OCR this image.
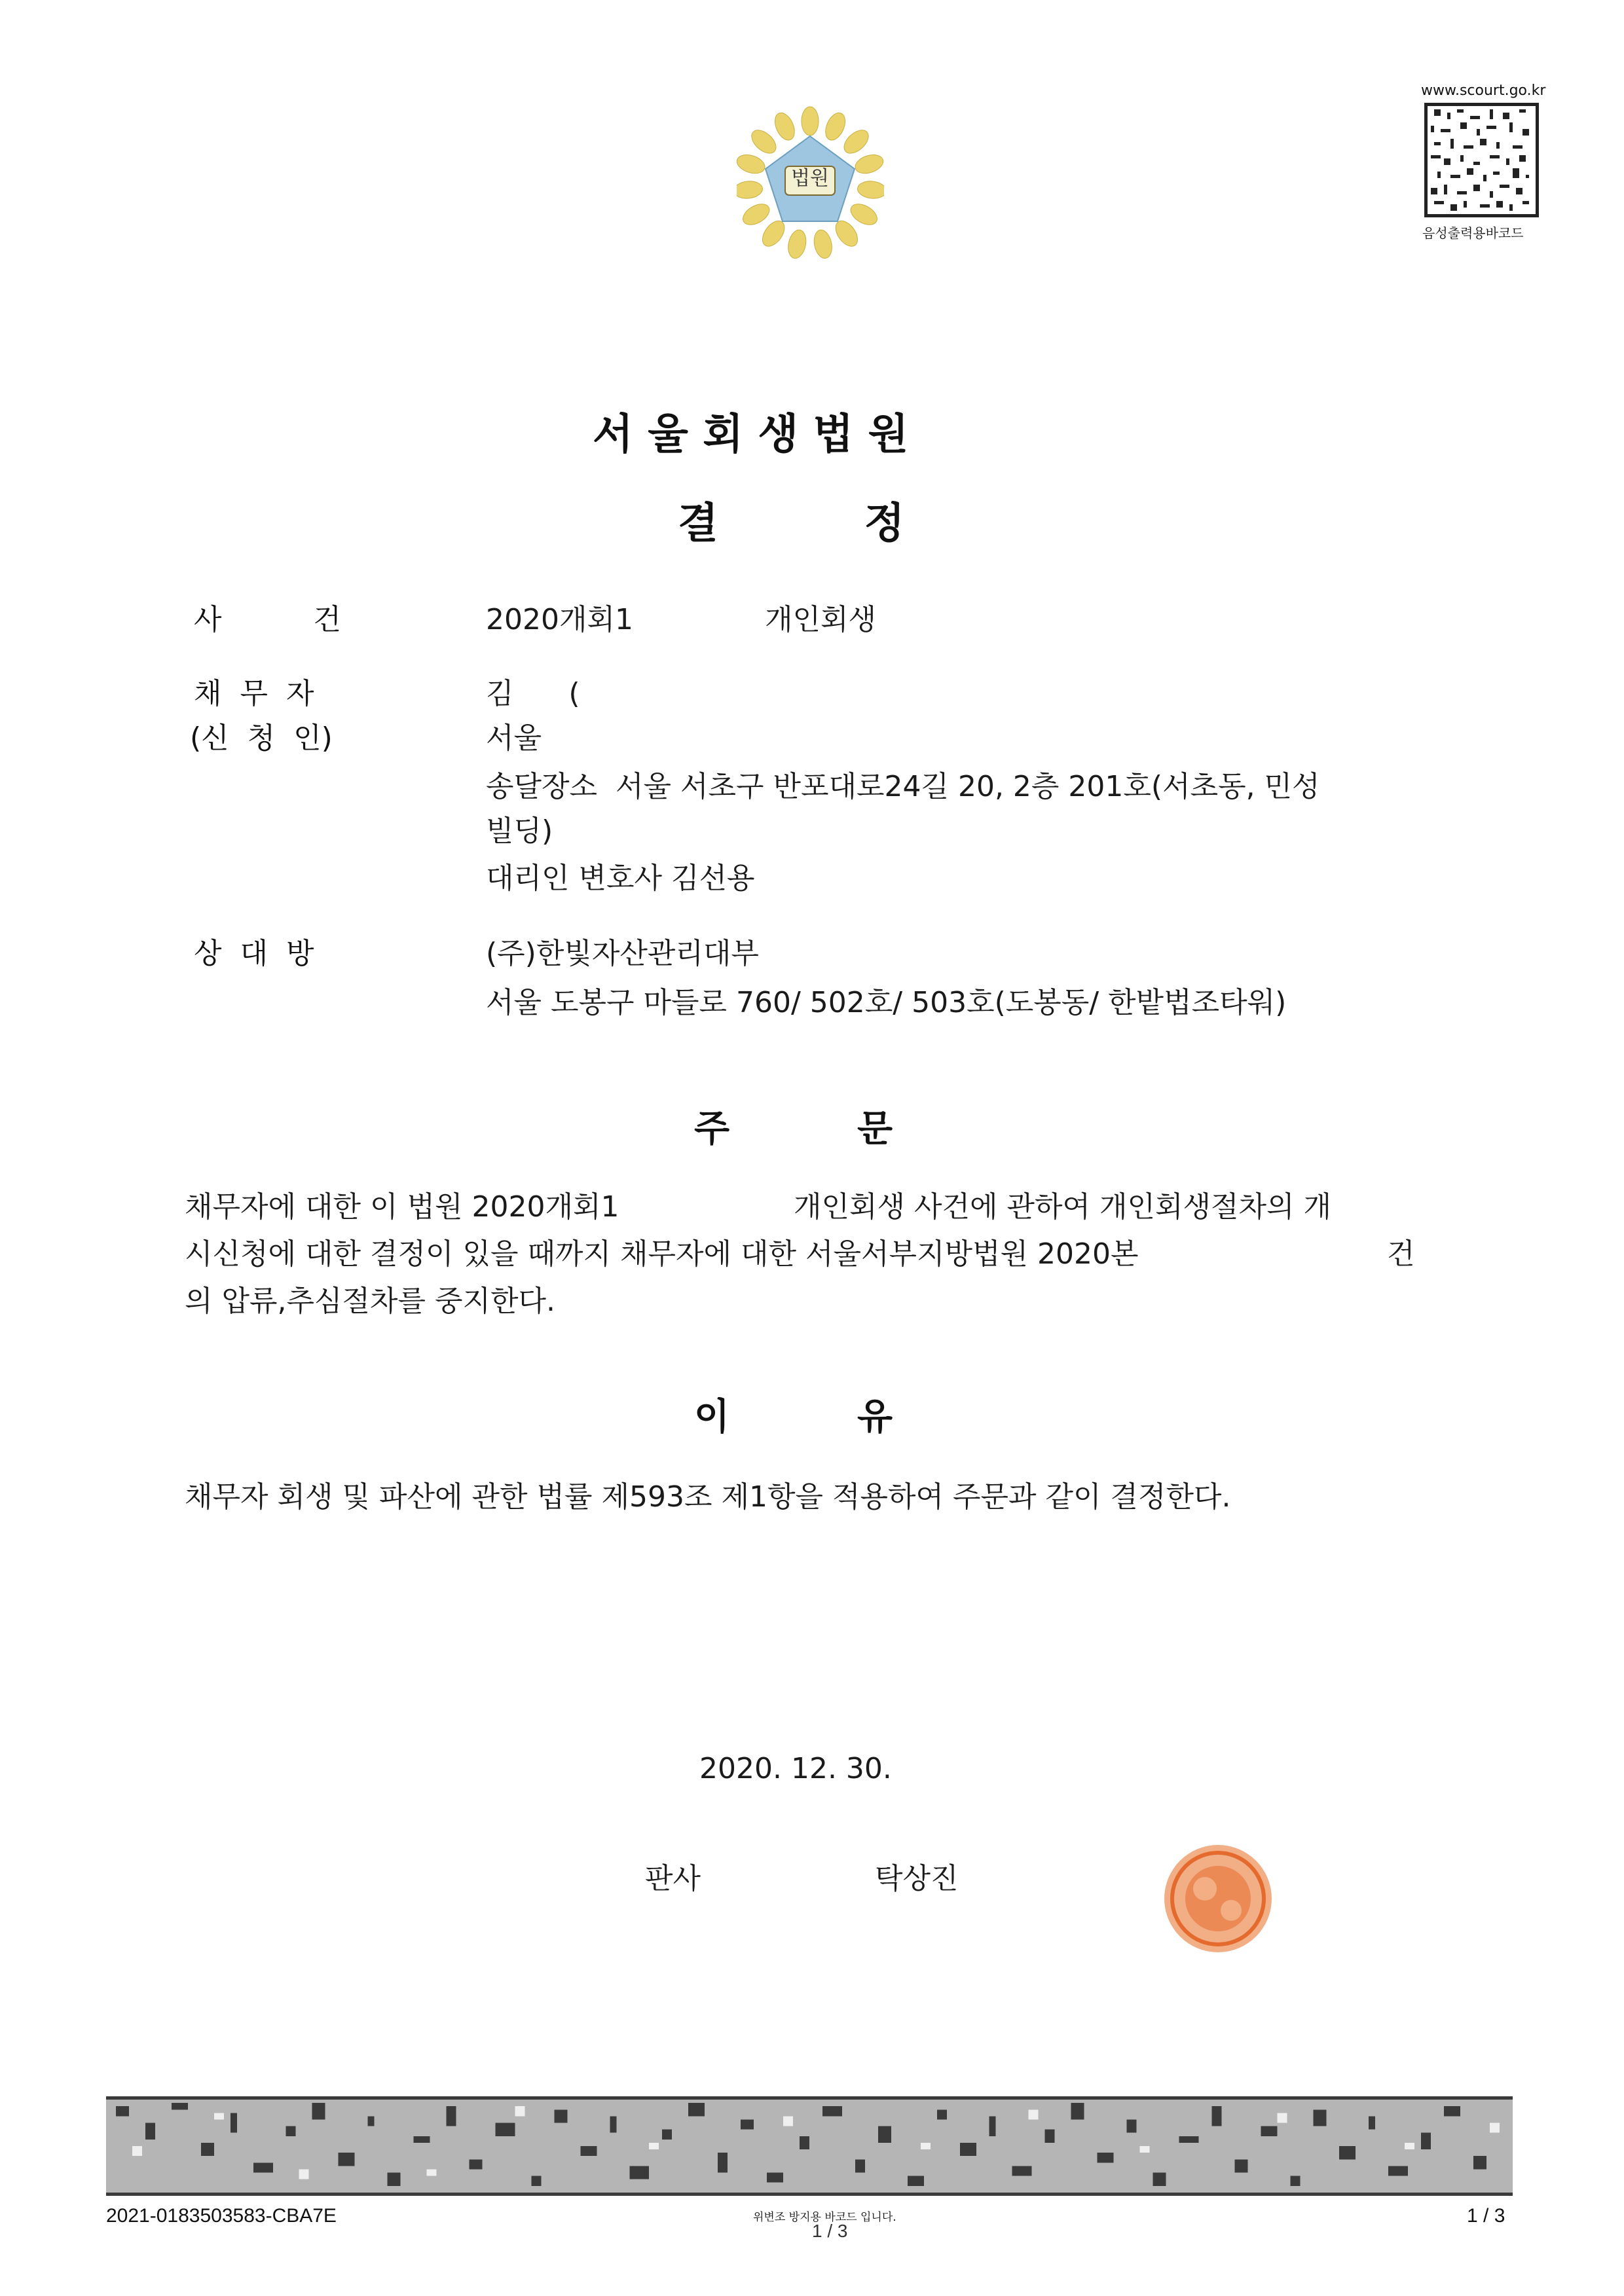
법원
www.scourt.go.kr
음성출력용바코드
서 울 회 생 법 원
결          정
사          건	2020개회1	개인회생
채  무  자	김      (
(신  청  인)	서울
송달장소  서울 서초구 반포대로24길 20, 2층 201호(서초동, 민성
빌딩)
대리인 변호사 김선용
상  대  방	(주)한빛자산관리대부
서울 도봉구 마들로 760/ 502호/ 503호(도봉동/ 한밭법조타워)
주          문
채무자에 대한 이 법원 2020개회1	개인회생 사건에 관하여 개인회생절차의 개
시신청에 대한 결정이 있을 때까지 채무자에 대한 서울서부지방법원 2020본	건
의 압류,추심절차를 중지한다.
이          유
채무자 회생 및 파산에 관한 법률 제593조 제1항을 적용하여 주문과 같이 결정한다.
2020. 12. 30.
판사	탁상진
2021-0183503583-CBA7E	위변조 방지용 바코드 입니다.
1 / 3
1 / 3
